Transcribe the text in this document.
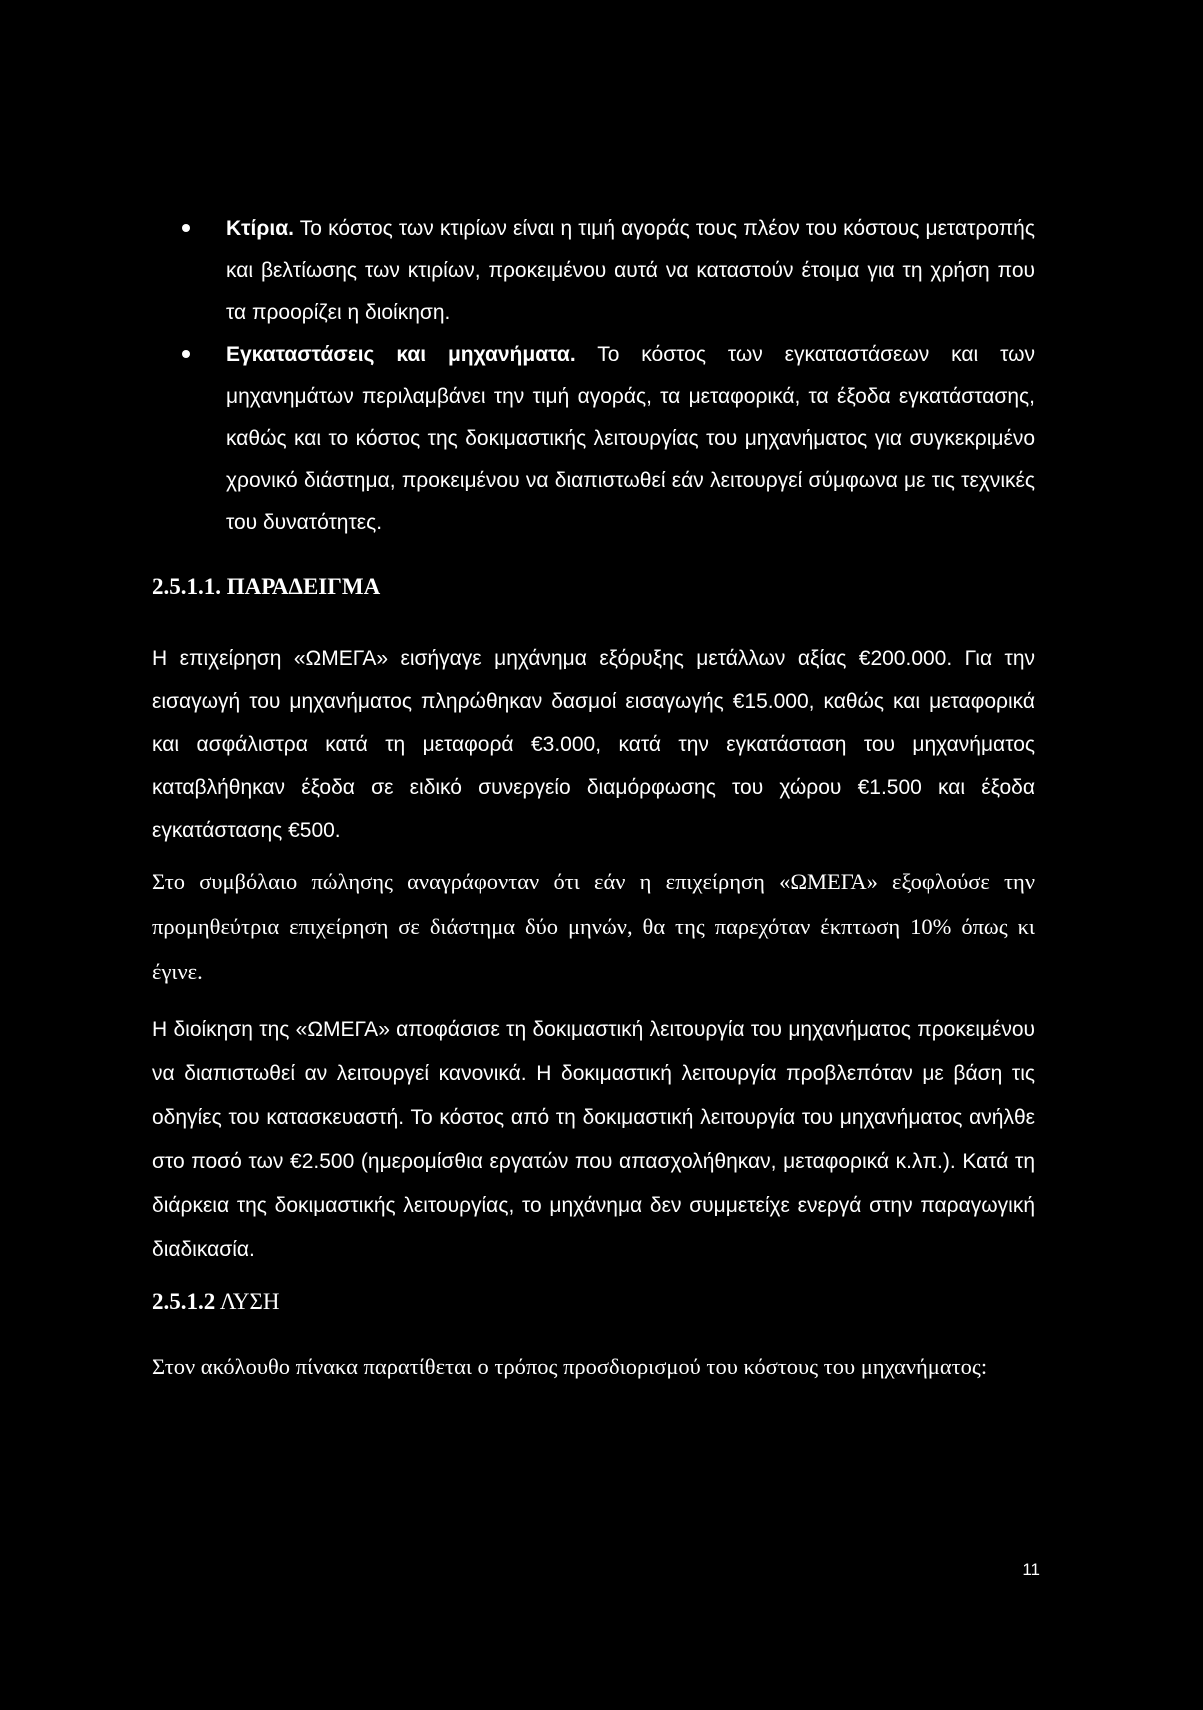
Κτίρια. Το κόστος των κτιρίων είναι η τιμή αγοράς τους πλέον του κόστους μετατροπής και βελτίωσης των κτιρίων, προκειμένου αυτά να καταστούν έτοιμα για τη χρήση που τα προορίζει η διοίκηση.
Εγκαταστάσεις και μηχανήματα. Το κόστος των εγκαταστάσεων και των μηχανημάτων περιλαμβάνει την τιμή αγοράς, τα μεταφορικά, τα έξοδα εγκατάστασης, καθώς και το κόστος της δοκιμαστικής λειτουργίας του μηχανήματος για συγκεκριμένο χρονικό διάστημα, προκειμένου να διαπιστωθεί εάν λειτουργεί σύμφωνα με τις τεχνικές του δυνατότητες.
2.5.1.1. ΠΑΡΑΔΕΙΓΜΑ

Η επιχείρηση «ΩΜΕΓΑ» εισήγαγε μηχάνημα εξόρυξης μετάλλων αξίας €200.000. Για την εισαγωγή του μηχανήματος πληρώθηκαν δασμοί εισαγωγής €15.000, καθώς και μεταφορικά και ασφάλιστρα κατά τη μεταφορά €3.000, κατά την εγκατάσταση του μηχανήματος καταβλήθηκαν έξοδα σε ειδικό συνεργείο διαμόρφωσης του χώρου €1.500 και έξοδα εγκατάστασης €500.

Στο συμβόλαιο πώλησης αναγράφονταν ότι εάν η επιχείρηση «ΩΜΕΓΑ» εξοφλούσε την προμηθεύτρια επιχείρηση σε διάστημα δύο μηνών, θα της παρεχόταν έκπτωση 10% όπως κι έγινε.

Η διοίκηση της «ΩΜΕΓΑ» αποφάσισε τη δοκιμαστική λειτουργία του μηχανήματος προκειμένου να διαπιστωθεί αν λειτουργεί κανονικά. Η δοκιμαστική λειτουργία προβλεπόταν με βάση τις οδηγίες του κατασκευαστή. Το κόστος από τη δοκιμαστική λειτουργία του μηχανήματος ανήλθε στο ποσό των €2.500 (ημερομίσθια εργατών που απασχολήθηκαν, μεταφορικά κ.λπ.). Κατά τη διάρκεια της δοκιμαστικής λειτουργίας, το μηχάνημα δεν συμμετείχε ενεργά στην παραγωγική διαδικασία.

2.5.1.2 ΛΥΣΗ

Στον ακόλουθο πίνακα παρατίθεται ο τρόπος προσδιορισμού του κόστους του μηχανήματος:

11
